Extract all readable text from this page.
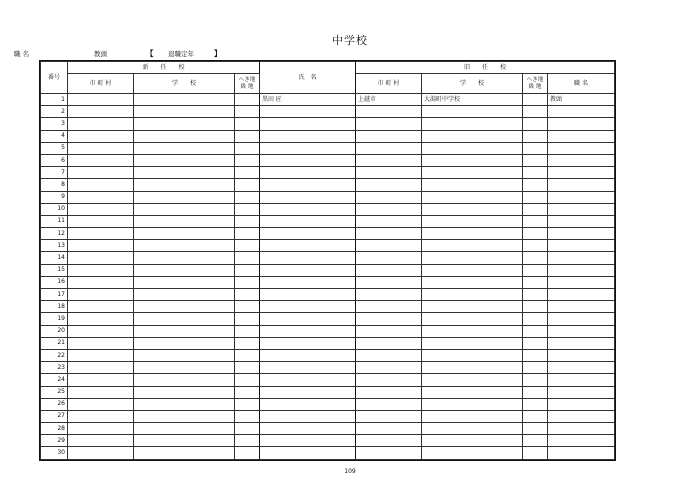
中学校
職 名	教頭	【 退職定年	】
番号	新　　任　　校			氏　名	旧　　任　　校			
	市 町 村	学　　校	へき地 級 地		市 町 村	学　　校	へき地 級 地	職 名
1				黒田 匠	上越市	大潟町中学校		教頭
2								
3								
4								
5								
6								
7								
8								
9								
10								
11								
12								
13								
14								
15								
16								
17								
18								
19								
20								
21								
22								
23								
24								
25								
26								
27								
28								
29								
30								
109
